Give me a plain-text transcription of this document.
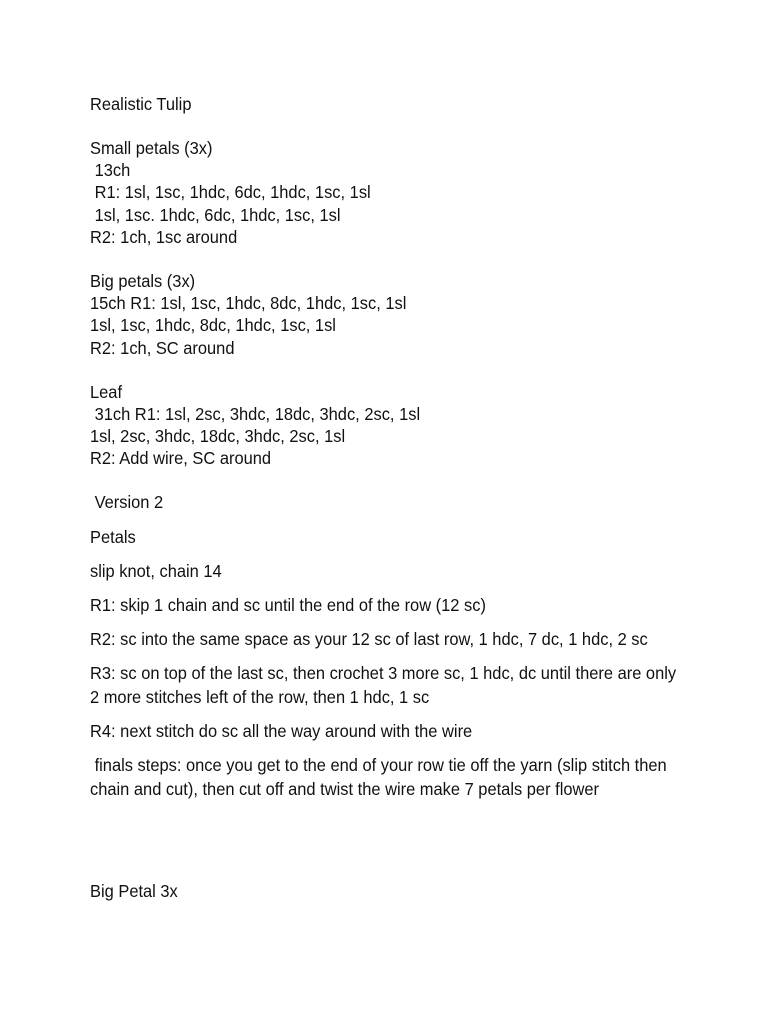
Realistic Tulip
Small petals (3x)
13ch
R1: 1sl, 1sc, 1hdc, 6dc, 1hdc, 1sc, 1sl
1sl, 1sc. 1hdc, 6dc, 1hdc, 1sc, 1sl
R2: 1ch, 1sc around
Big petals (3x)
15ch R1: 1sl, 1sc, 1hdc, 8dc, 1hdc, 1sc, 1sl
1sl, 1sc, 1hdc, 8dc, 1hdc, 1sc, 1sl
R2: 1ch, SC around
Leaf
31ch R1: 1sl, 2sc, 3hdc, 18dc, 3hdc, 2sc, 1sl
1sl, 2sc, 3hdc, 18dc, 3hdc, 2sc, 1sl
R2: Add wire, SC around
Version 2
Petals
slip knot, chain 14
R1: skip 1 chain and sc until the end of the row (12 sc)
R2: sc into the same space as your 12 sc of last row, 1 hdc, 7 dc, 1 hdc, 2 sc
R3: sc on top of the last sc, then crochet 3 more sc, 1 hdc, dc until there are only
2 more stitches left of the row, then 1 hdc, 1 sc
R4: next stitch do sc all the way around with the wire
finals steps: once you get to the end of your row tie off the yarn (slip stitch then
chain and cut), then cut off and twist the wire make 7 petals per flower
Big Petal 3x
